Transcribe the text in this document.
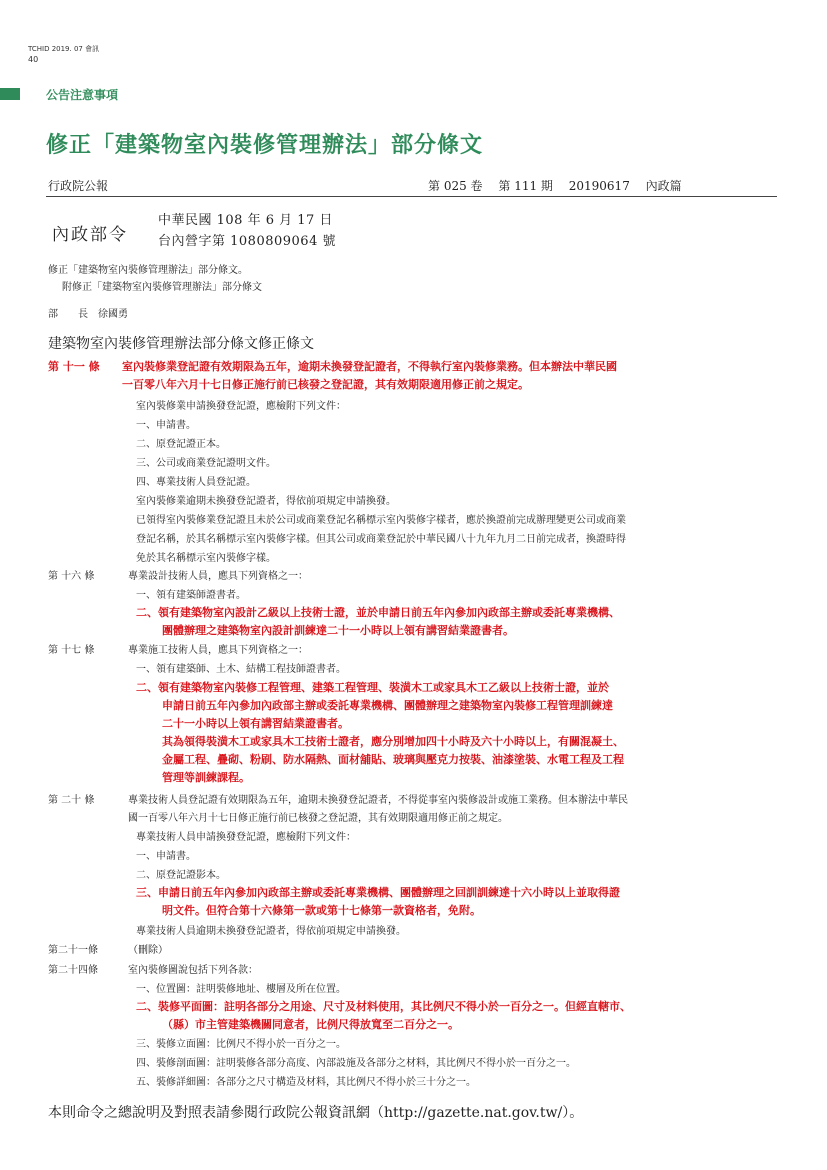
TCHID 2019. 07 會訊
40
公告注意事項
修正「建築物室內裝修管理辦法」部分條文
行政院公報	第 025 卷 第 111 期 20190617 內政篇
內政部令
中華民國 108 年 6 月 17 日
台內營字第 1080809064 號
修正「建築物室內裝修管理辦法」部分條文。
附修正「建築物室內裝修管理辦法」部分條文
部　　長　徐國勇
建築物室內裝修管理辦法部分條文修正條文
第 十一 條 室內裝修業登記證有效期限為五年，逾期未換發登記證者，不得執行室內裝修業務。但本辦法中華民國
一百零八年六月十七日修正施行前已核發之登記證，其有效期限適用修正前之規定。
室內裝修業申請換發登記證，應檢附下列文件：
一、申請書。
二、原登記證正本。
三、公司或商業登記證明文件。
四、專業技術人員登記證。
室內裝修業逾期未換發登記證者，得依前項規定申請換發。
已領得室內裝修業登記證且未於公司或商業登記名稱標示室內裝修字樣者，應於換證前完成辦理變更公司或商業
登記名稱，於其名稱標示室內裝修字樣。但其公司或商業登記於中華民國八十九年九月二日前完成者，換證時得
免於其名稱標示室內裝修字樣。
第 十六 條	專業設計技術人員，應具下列資格之一：
一、領有建築師證書者。
二、領有建築物室內設計乙級以上技術士證，並於申請日前五年內參加內政部主辦或委託專業機構、
團體辦理之建築物室內設計訓練達二十一小時以上領有講習結業證書者。
第 十七 條	專業施工技術人員，應具下列資格之一：
一、領有建築師、土木、結構工程技師證書者。
二、領有建築物室內裝修工程管理、建築工程管理、裝潢木工或家具木工乙級以上技術士證，並於
申請日前五年內參加內政部主辦或委託專業機構、團體辦理之建築物室內裝修工程管理訓練達
二十一小時以上領有講習結業證書者。
其為領得裝潢木工或家具木工技術士證者，應分別增加四十小時及六十小時以上，有關混凝土、
金屬工程、疊砌、粉刷、防水隔熱、面材舖貼、玻璃與壓克力按裝、油漆塗裝、水電工程及工程
管理等訓練課程。
第 二十 條	專業技術人員登記證有效期限為五年，逾期未換發登記證者，不得從事室內裝修設計或施工業務。但本辦法中華民
國一百零八年六月十七日修正施行前已核發之登記證，其有效期限適用修正前之規定。
專業技術人員申請換發登記證，應檢附下列文件：
一、申請書。
二、原登記證影本。
三、申請日前五年內參加內政部主辦或委託專業機構、團體辦理之回訓訓練達十六小時以上並取得證
明文件。但符合第十六條第一款或第十七條第一款資格者，免附。
專業技術人員逾期未換發登記證者，得依前項規定申請換發。
第二十一條	（刪除）
第二十四條	室內裝修圖說包括下列各款：
一、位置圖：註明裝修地址、樓層及所在位置。
二、裝修平面圖：註明各部分之用途、尺寸及材料使用，其比例尺不得小於一百分之一。但經直轄市、
（縣）市主管建築機關同意者，比例尺得放寬至二百分之一。
三、裝修立面圖：比例尺不得小於一百分之一。
四、裝修剖面圖：註明裝修各部分高度、內部設施及各部分之材料，其比例尺不得小於一百分之一。
五、裝修詳細圖：各部分之尺寸構造及材料，其比例尺不得小於三十分之一。
本則命令之總說明及對照表請參閱行政院公報資訊網（http://gazette.nat.gov.tw/）。
